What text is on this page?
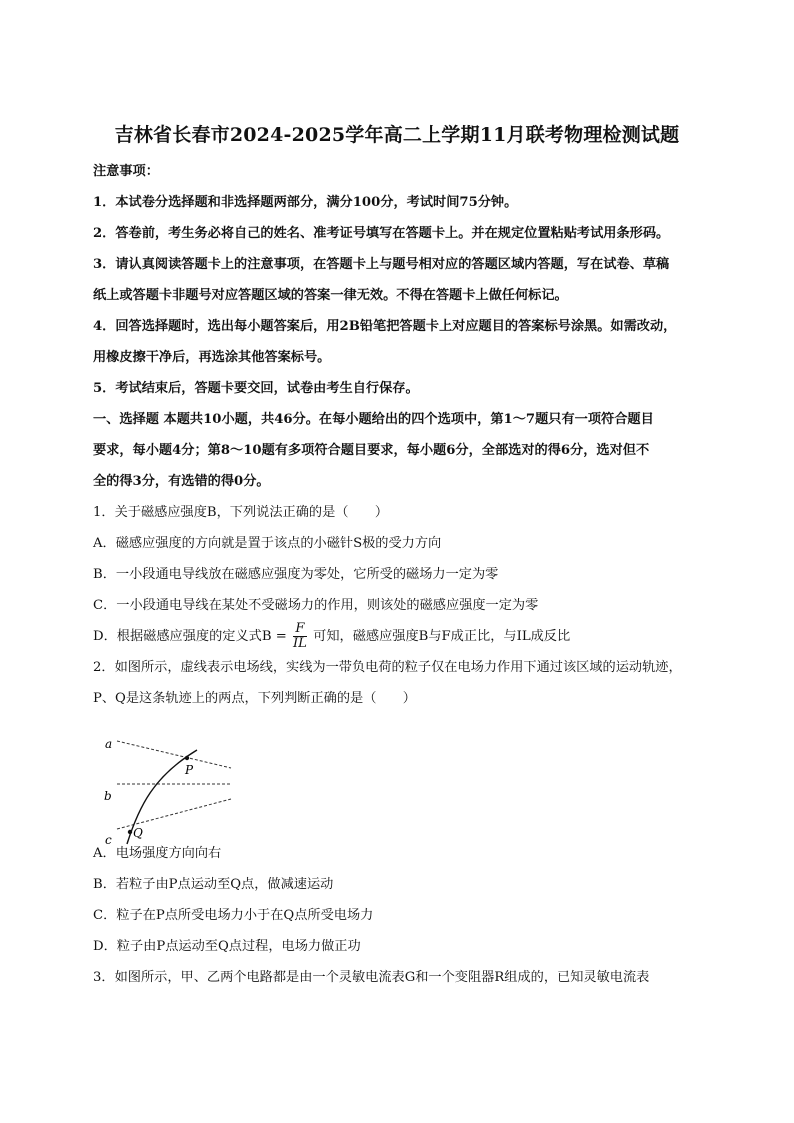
吉林省长春市2024-2025学年高二上学期11月联考物理检测试题

注意事项：

1．本试卷分选择题和非选择题两部分，满分100分，考试时间75分钟。

2．答卷前，考生务必将自己的姓名、准考证号填写在答题卡上。并在规定位置粘贴考试用条形码。

3．请认真阅读答题卡上的注意事项，在答题卡上与题号相对应的答题区域内答题，写在试卷、草稿

纸上或答题卡非题号对应答题区域的答案一律无效。不得在答题卡上做任何标记。

4．回答选择题时，选出每小题答案后，用2B铅笔把答题卡上对应题目的答案标号涂黑。如需改动，

用橡皮擦干净后，再选涂其他答案标号。

5．考试结束后，答题卡要交回，试卷由考生自行保存。

一、选择题 本题共10小题，共46分。在每小题给出的四个选项中，第1～7题只有一项符合题目

要求，每小题4分；第8～10题有多项符合题目要求，每小题6分，全部选对的得6分，选对但不

全的得3分，有选错的得0分。

1．关于磁感应强度B，下列说法正确的是（　　）

A．磁感应强度的方向就是置于该点的小磁针S极的受力方向

B．一小段通电导线放在磁感应强度为零处，它所受的磁场力一定为零

C．一小段通电导线在某处不受磁场力的作用，则该处的磁感应强度一定为零

D．根据磁感应强度的定义式$B = \frac{F}{IL}$ 可知，磁感应强度B与F成正比，与IL成反比

2．如图所示，虚线表示电场线，实线为一带负电荷的粒子仅在电场力作用下通过该区域的运动轨迹，

P、Q是这条轨迹上的两点，下列判断正确的是（　　）

A．电场强度方向向右

B．若粒子由P点运动至Q点，做减速运动

C．粒子在P点所受电场力小于在Q点所受电场力

D．粒子由P点运动至Q点过程，电场力做正功

3．如图所示，甲、乙两个电路都是由一个灵敏电流表G和一个变阻器R组成的，已知灵敏电流表

a
b
c
P
Q
